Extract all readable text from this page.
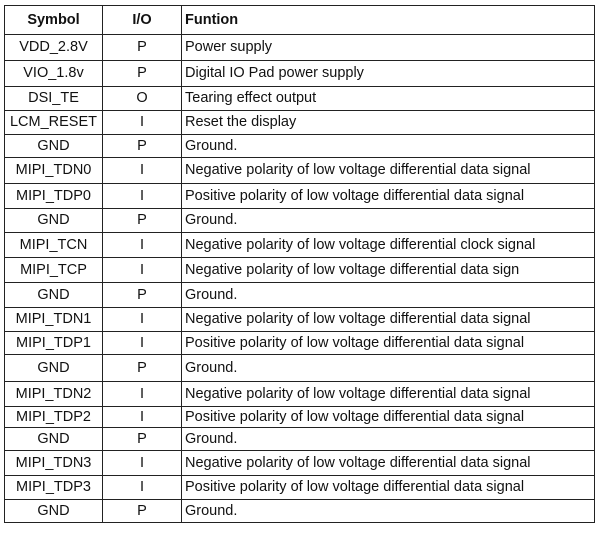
Symbol	I/O	Funtion
VDD_2.8V	P	Power supply
VIO_1.8v	P	Digital IO Pad power supply
DSI_TE	O	Tearing effect output
LCM_RESET	I	Reset the display
GND	P	Ground.
MIPI_TDN0	I	Negative polarity of low voltage differential data signal
MIPI_TDP0	I	Positive polarity of low voltage differential data signal
GND	P	Ground.
MIPI_TCN	I	Negative polarity of low voltage differential clock signal
MIPI_TCP	I	Negative polarity of low voltage differential data sign
GND	P	Ground.
MIPI_TDN1	I	Negative polarity of low voltage differential data signal
MIPI_TDP1	I	Positive polarity of low voltage differential data signal
GND	P	Ground.
MIPI_TDN2	I	Negative polarity of low voltage differential data signal
MIPI_TDP2	I	Positive polarity of low voltage differential data signal
GND	P	Ground.
MIPI_TDN3	I	Negative polarity of low voltage differential data signal
MIPI_TDP3	I	Positive polarity of low voltage differential data signal
GND	P	Ground.
